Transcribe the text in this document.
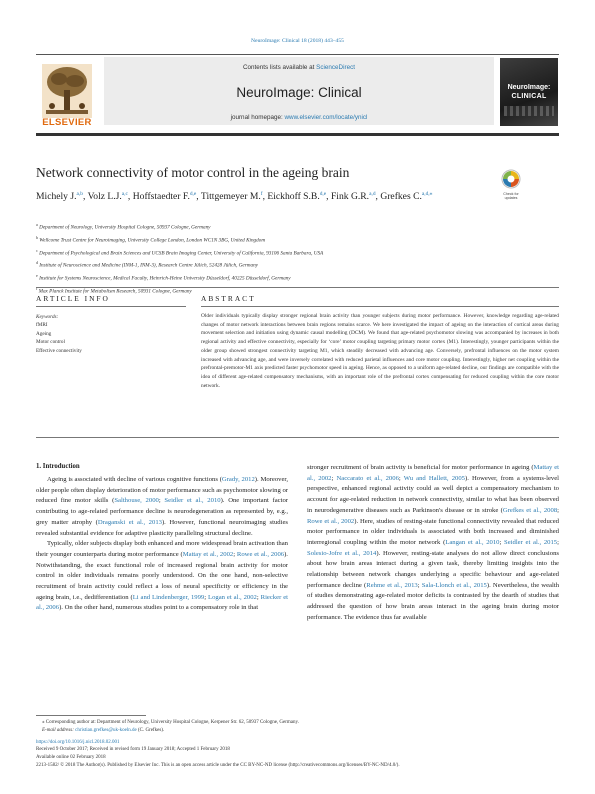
NeuroImage: Clinical 18 (2018) 443–455
ELSEVIER
Contents lists available at ScienceDirect
NeuroImage: Clinical
journal homepage: www.elsevier.com/locate/ynicl
NeuroImage:
CLINICAL
Network connectivity of motor control in the ageing brain
Check for
updates
Michely J.$^{a,b}$, Volz L.J.$^{a,c}$, Hoffstaedter F.$^{d,e}$, Tittgemeyer M.$^f$, Eickhoff S.B.$^{d,e}$, Fink G.R.$^{a,d}$, Grefkes C.$^{a,d,⁎}$
$^a$ Department of Neurology, University Hospital Cologne, 50937 Cologne, Germany
$^b$ Wellcome Trust Centre for Neuroimaging, University College London, London WC1N 3BG, United Kingdom
$^c$ Department of Psychological and Brain Sciences and UCSB Brain Imaging Center, University of California, 93106 Santa Barbara, USA
$^d$ Institute of Neuroscience and Medicine (INM-1, INM-3), Research Centre Jülich, 52428 Jülich, Germany
$^e$ Institute for Systems Neuroscience, Medical Faculty, Heinrich-Heine University Düsseldorf, 40225 Düsseldorf, Germany
$^f$ Max Planck Institute for Metabolism Research, 50931 Cologne, Germany
ARTICLE INFO	ABSTRACT
Keywords:
fMRI
Ageing
Motor control
Effective connectivity
Older individuals typically display stronger regional brain activity than younger subjects during motor performance. However, knowledge regarding age-related changes of motor network interactions between brain regions remains scarce. We here investigated the impact of ageing on the interaction of cortical areas during movement selection and initiation using dynamic causal modelling (DCM). We found that age-related psychomotor slowing was accompanied by increases in both regional activity and effective connectivity, especially for ‘core’ motor coupling targeting primary motor cortex (M1). Interestingly, younger participants within the older group showed strongest connectivity targeting M1, which steadily decreased with advancing age. Conversely, prefrontal influences on the motor system increased with advancing age, and were inversely correlated with reduced parietal influences and core motor coupling. Interestingly, higher net coupling within the prefrontal-premotor-M1 axis predicted faster psychomotor speed in ageing. Hence, as opposed to a uniform age-related decline, our findings are compatible with the idea of different age-related compensatory mechanisms, with an important role of the prefrontal cortex compensating for reduced coupling within the core motor network.
1. Introduction

Ageing is associated with decline of various cognitive functions (Grady, 2012). Moreover, older people often display deterioration of motor performance such as psychomotor slowing or reduced fine motor skills (Salthouse, 2000; Seidler et al., 2010). One important factor contributing to age-related performance decline is neurodegeneration as represented by, e.g., grey matter atrophy (Draganski et al., 2013). However, functional neuroimaging studies revealed substantial evidence for adaptive plasticity paralleling structural decline.

Typically, older subjects display both enhanced and more widespread brain activation than their younger counterparts during motor performance (Mattay et al., 2002; Rowe et al., 2006). Notwithstanding, the exact functional role of increased regional brain activity for motor control in older individuals remains poorly understood. On the one hand, non-selective recruitment of brain activity could reflect a loss of neural specificity or efficiency in the ageing brain, i.e., dedifferentiation (Li and Lindenberger, 1999; Logan et al., 2002; Riecker et al., 2006). On the other hand, numerous studies point to a compensatory role in that

stronger recruitment of brain activity is beneficial for motor performance in ageing (Mattay et al., 2002; Naccarato et al., 2006; Wu and Hallett, 2005). However, from a systems-level perspective, enhanced regional activity could as well depict a compensatory mechanism to account for age-related reduction in network connectivity, similar to what has been observed in neurodegenerative diseases such as Parkinson's disease or in stroke (Grefkes et al., 2008; Rowe et al., 2002). Here, studies of resting-state functional connectivity revealed that reduced motor performance in older individuals is associated with both increased and diminished interregional coupling within the motor network (Langan et al., 2010; Seidler et al., 2015; Solesio-Jofre et al., 2014). However, resting-state analyses do not allow direct conclusions about how brain areas interact during a given task, thereby limiting insights into the relationship between network changes underlying a specific behaviour and age-related performance decline (Rehme et al., 2013; Sala-Llonch et al., 2015). Nevertheless, the wealth of studies demonstrating age-related motor deficits is contrasted by the dearth of studies that addressed the question of how brain areas interact in the ageing brain during motor performance. The evidence thus far available

⁎ Corresponding author at: Department of Neurology, University Hospital Cologne, Kerpener Str. 62, 50937 Cologne, Germany.
E-mail address: christian.grefkes@uk-koeln.de (C. Grefkes).
https://doi.org/10.1016/j.nicl.2018.02.001
Received 9 October 2017; Received in revised form 19 January 2018; Accepted 1 February 2018
Available online 02 February 2018
2213-1582/ © 2018 The Author(s). Published by Elsevier Inc. This is an open access article under the CC BY-NC-ND license (http://creativecommons.org/licenses/BY-NC-ND/4.0/).
